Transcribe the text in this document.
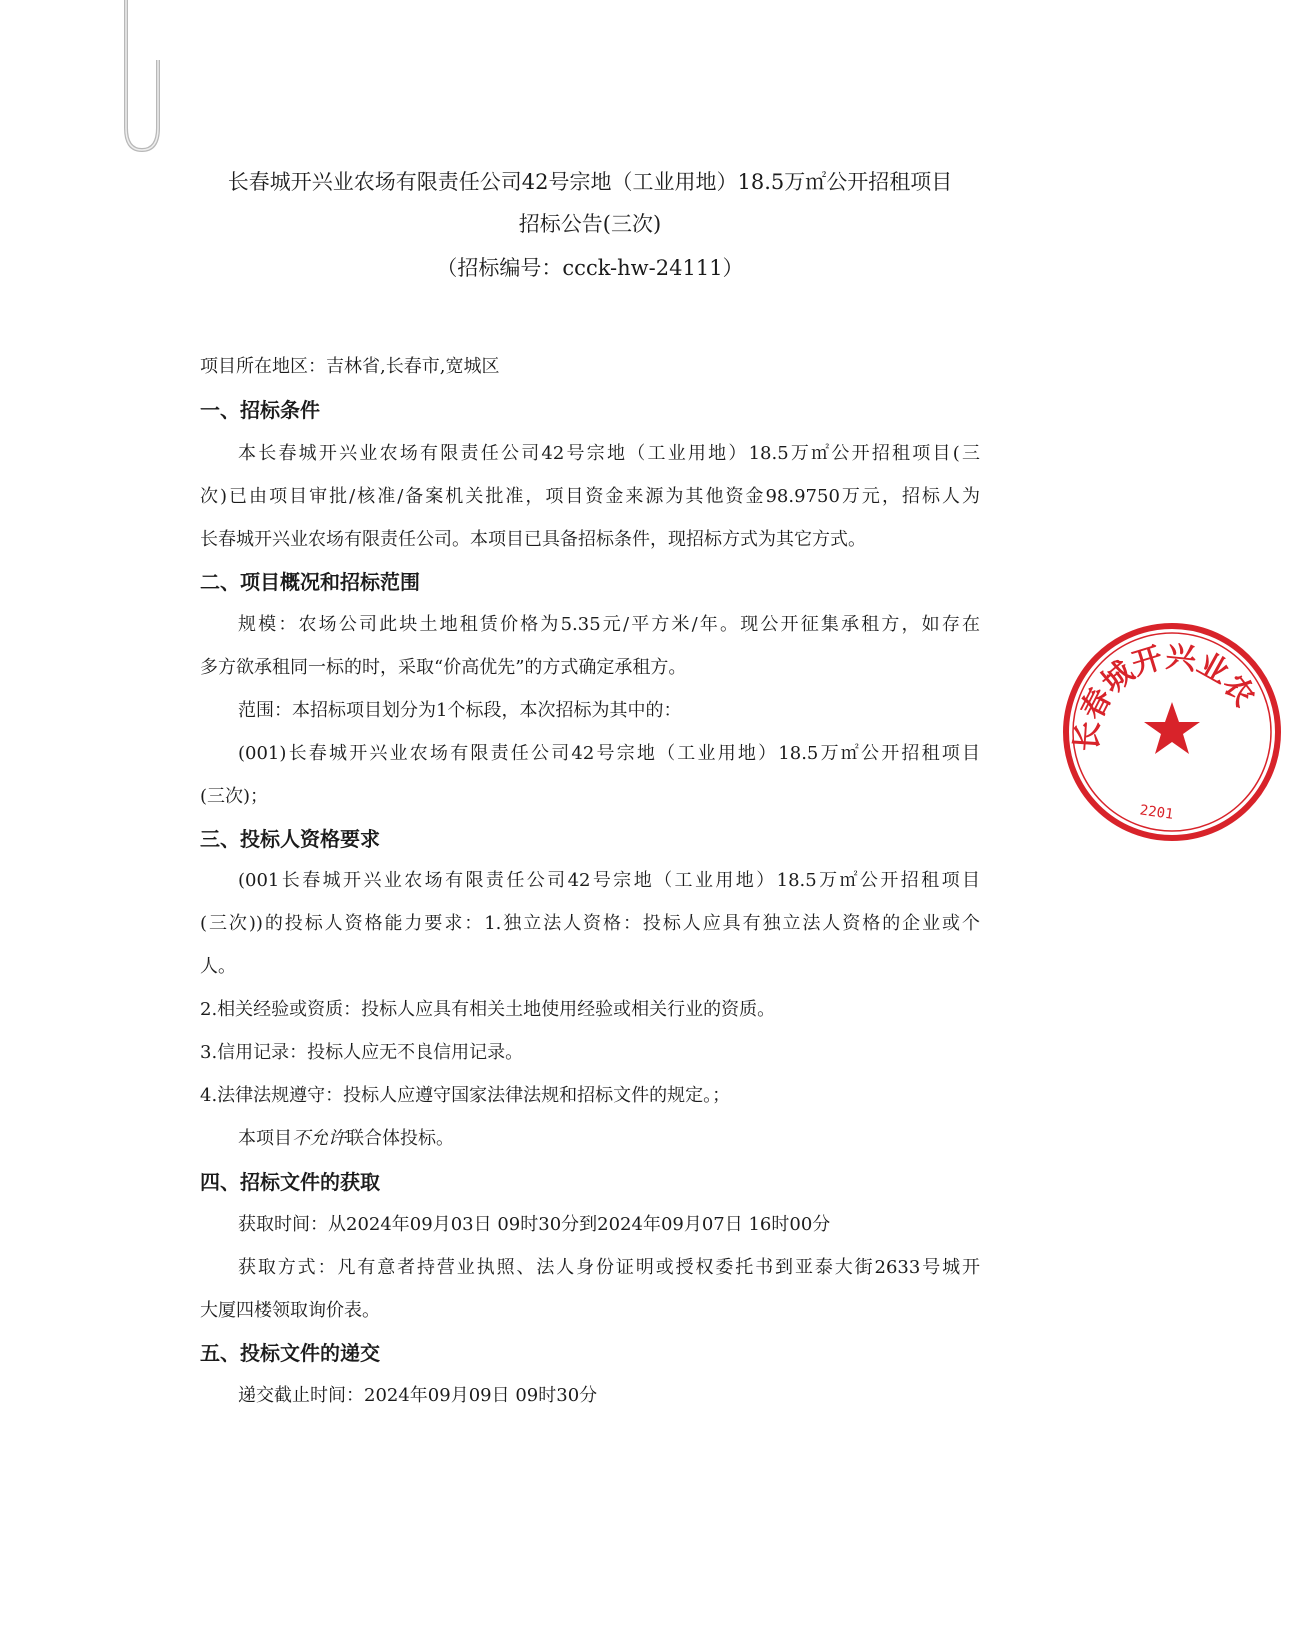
长春城开兴业农场有限责任公司42号宗地（工业用地）18.5万㎡公开招租项目
招标公告(三次)
（招标编号：ccck-hw-24111）
项目所在地区：吉林省,长春市,宽城区
一、招标条件
本长春城开兴业农场有限责任公司42号宗地（工业用地）18.5万㎡公开招租项目(三
次)已由项目审批/核准/备案机关批准，项目资金来源为其他资金98.9750万元，招标人为
长春城开兴业农场有限责任公司。本项目已具备招标条件，现招标方式为其它方式。
二、项目概况和招标范围
规模：农场公司此块土地租赁价格为5.35元/平方米/年。现公开征集承租方，如存在
多方欲承租同一标的时，采取“价高优先”的方式确定承租方。
范围：本招标项目划分为1个标段，本次招标为其中的：
(001)长春城开兴业农场有限责任公司42号宗地（工业用地）18.5万㎡公开招租项目
(三次)；
三、投标人资格要求
(001长春城开兴业农场有限责任公司42号宗地（工业用地）18.5万㎡公开招租项目
(三次))的投标人资格能力要求：1.独立法人资格：投标人应具有独立法人资格的企业或个
人。
2.相关经验或资质：投标人应具有相关土地使用经验或相关行业的资质。
3.信用记录：投标人应无不良信用记录。
4.法律法规遵守：投标人应遵守国家法律法规和招标文件的规定。；
本项目不允许联合体投标。
四、招标文件的获取
获取时间：从2024年09月03日 09时30分到2024年09月07日 16时00分
获取方式：凡有意者持营业执照、法人身份证明或授权委托书到亚泰大街2633号城开
大厦四楼领取询价表。
五、投标文件的递交
递交截止时间：2024年09月09日 09时30分
长春城开兴业农
2201
